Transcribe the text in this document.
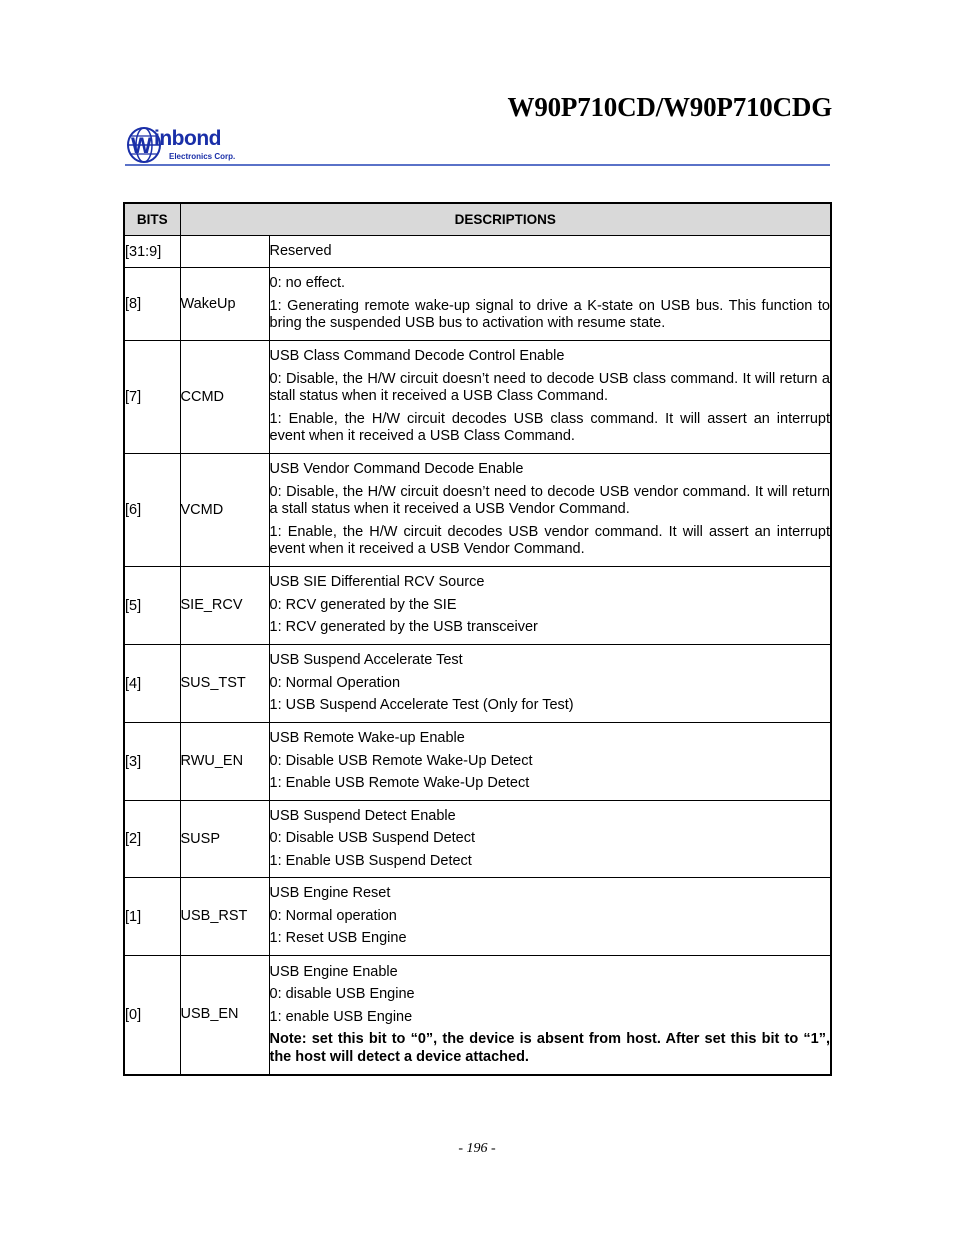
W90P710CD/W90P710CDG
W inbond
Electronics Corp.
BITS	DESCRIPTIONS	
[31:9]		Reserved

[8]	WakeUp	0: no effect.

1: Generating remote wake-up signal to drive a K-state on USB bus. This function to bring the suspended USB bus to activation with resume state.

[7]	CCMD	USB Class Command Decode Control Enable

0: Disable, the H/W circuit doesn’t need to decode USB class command. It will return a stall status when it received a USB Class Command.

1: Enable, the H/W circuit decodes USB class command. It will assert an interrupt event when it received a USB Class Command.

[6]	VCMD	USB Vendor Command Decode Enable

0: Disable, the H/W circuit doesn’t need to decode USB vendor command. It will return a stall status when it received a USB Vendor Command.

1: Enable, the H/W circuit decodes USB vendor command. It will assert an interrupt event when it received a USB Vendor Command.

[5]	SIE_RCV	USB SIE Differential RCV Source

0: RCV generated by the SIE

1: RCV generated by the USB transceiver

[4]	SUS_TST	USB Suspend Accelerate Test

0: Normal Operation

1: USB Suspend Accelerate Test (Only for Test)

[3]	RWU_EN	USB Remote Wake-up Enable

0: Disable USB Remote Wake-Up Detect

1: Enable USB Remote Wake-Up Detect

[2]	SUSP	USB Suspend Detect Enable

0: Disable USB Suspend Detect

1: Enable USB Suspend Detect

[1]	USB_RST	USB Engine Reset

0: Normal operation

1: Reset USB Engine

[0]	USB_EN	USB Engine Enable

0: disable USB Engine

1: enable USB Engine

Note: set this bit to “0”, the device is absent from host. After set this bit to “1”, the host will detect a device attached.

- 196 -
